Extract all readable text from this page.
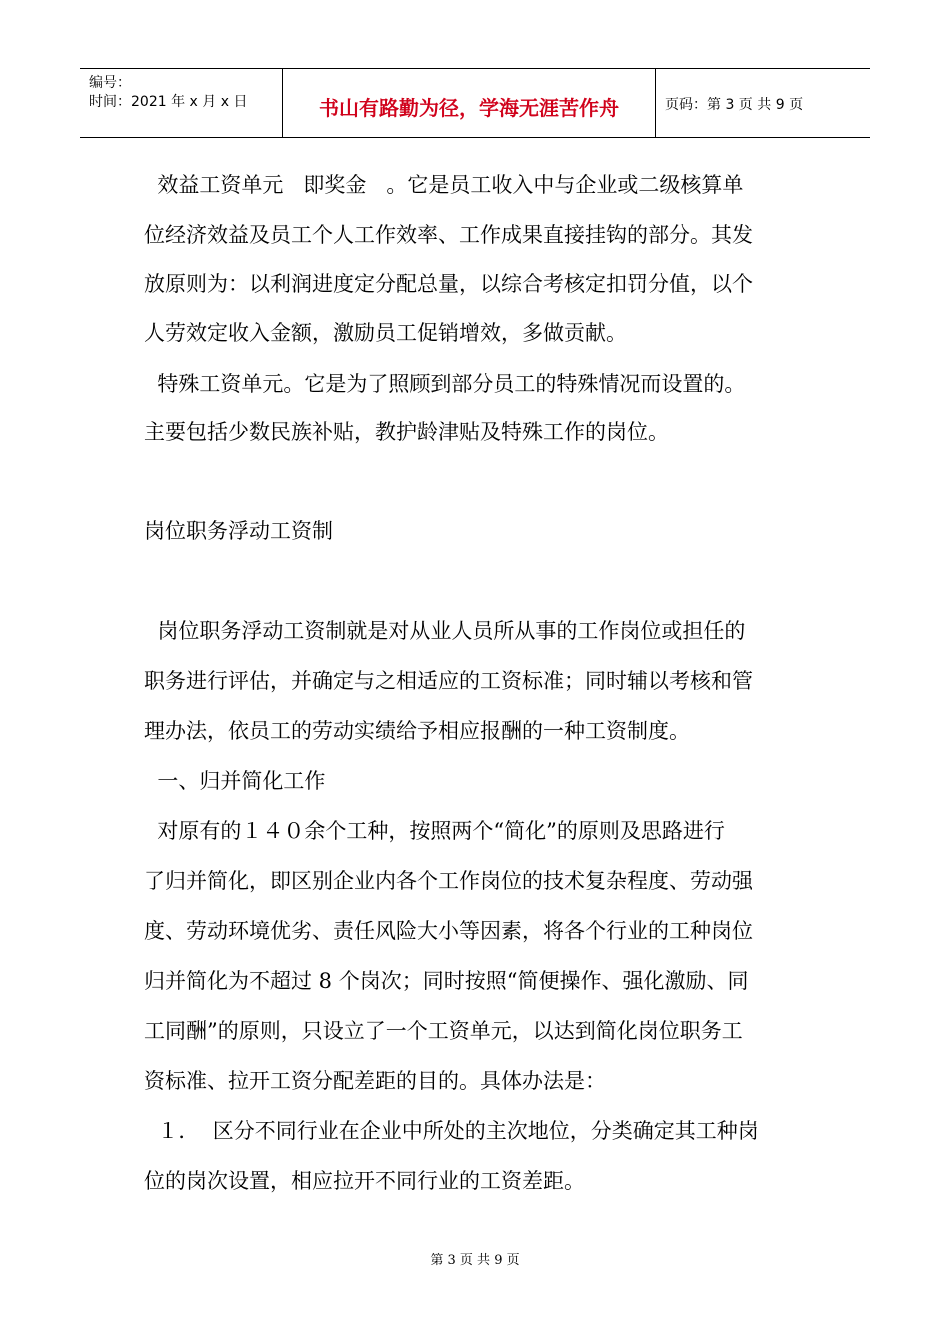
编号：
时间：2021 年 x 月 x 日	书山有路勤为径，学海无涯苦作舟	页码：第 3 页 共 9 页
效益工资单元   即奖金   。它是员工收入中与企业或二级核算单
位经济效益及员工个人工作效率、工作成果直接挂钩的部分。其发
放原则为：以利润进度定分配总量，以综合考核定扣罚分值，以个
人劳效定收入金额，激励员工促销增效，多做贡献。
特殊工资单元。它是为了照顾到部分员工的特殊情况而设置的。
主要包括少数民族补贴，教护龄津贴及特殊工作的岗位。
岗位职务浮动工资制
岗位职务浮动工资制就是对从业人员所从事的工作岗位或担任的
职务进行评估，并确定与之相适应的工资标准；同时辅以考核和管
理办法，依员工的劳动实绩给予相应报酬的一种工资制度。
一、归并简化工作
对原有的１４０余个工种，按照两个“简化”的原则及思路进行
了归并简化，即区别企业内各个工作岗位的技术复杂程度、劳动强
度、劳动环境优劣、责任风险大小等因素，将各个行业的工种岗位
归并简化为不超过 8 个岗次；同时按照“简便操作、强化激励、同
工同酬”的原则，只设立了一个工资单元，以达到简化岗位职务工
资标准、拉开工资分配差距的目的。具体办法是：
１．  区分不同行业在企业中所处的主次地位，分类确定其工种岗
位的岗次设置，相应拉开不同行业的工资差距。
第 3 页 共 9 页
